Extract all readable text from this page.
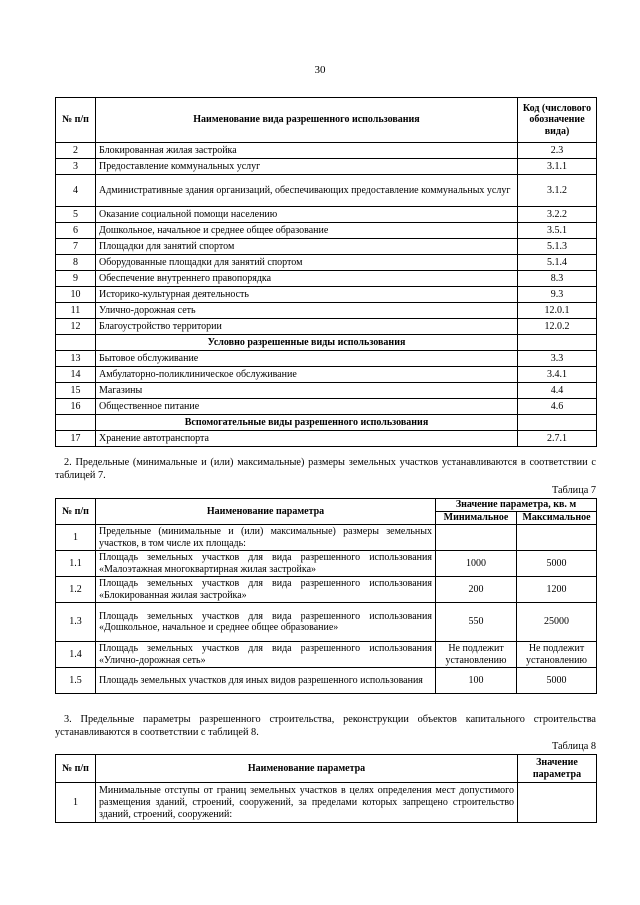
30
№ п/п	Наименование вида разрешенного использования	Код (числового обозначение вида)
2	Блокированная жилая застройка	2.3
3	Предоставление коммунальных услуг	3.1.1
4	Административные здания организаций, обеспечивающих предоставление коммунальных услуг	3.1.2
5	Оказание социальной помощи населению	3.2.2
6	Дошкольное, начальное и среднее общее образование	3.5.1
7	Площадки для занятий спортом	5.1.3
8	Оборудованные площадки для занятий спортом	5.1.4
9	Обеспечение внутреннего правопорядка	8.3
10	Историко-культурная деятельность	9.3
11	Улично-дорожная сеть	12.0.1
12	Благоустройство территории	12.0.2
	Условно разрешенные виды использования	
13	Бытовое обслуживание	3.3
14	Амбулаторно-поликлиническое обслуживание	3.4.1
15	Магазины	4.4
16	Общественное питание	4.6
	Вспомогательные виды разрешенного использования	
17	Хранение автотранспорта	2.7.1
2. Предельные (минимальные и (или) максимальные) размеры земельных участков устанавливаются в соответствии с таблицей 7.
Таблица 7
№ п/п	Наименование параметра	Значение параметра, кв. м	
		Минимальное	Максимальное
1	Предельные (минимальные и (или) максимальные) размеры земельных участков, в том числе их площадь:		
1.1	Площадь земельных участков для вида разрешенного использования «Малоэтажная многоквартирная жилая застройка»	1000	5000
1.2	Площадь земельных участков для вида разрешенного использования «Блокированная жилая застройка»	200	1200
1.3	Площадь земельных участков для вида разрешенного использования «Дошкольное, начальное и среднее общее образование»	550	25000
1.4	Площадь земельных участков для вида разрешенного использования «Улично-дорожная сеть»	Не подлежит установлению	Не подлежит установлению
1.5	Площадь земельных участков для иных видов разрешенного использования	100	5000
3. Предельные параметры разрешенного строительства, реконструкции объектов капитального строительства устанавливаются в соответствии с таблицей 8.
Таблица 8
№ п/п	Наименование параметра	Значение параметра
1	Минимальные отступы от границ земельных участков в целях определения мест допустимого размещения зданий, строений, сооружений, за пределами которых запрещено строительство зданий, строений, сооружений:	
